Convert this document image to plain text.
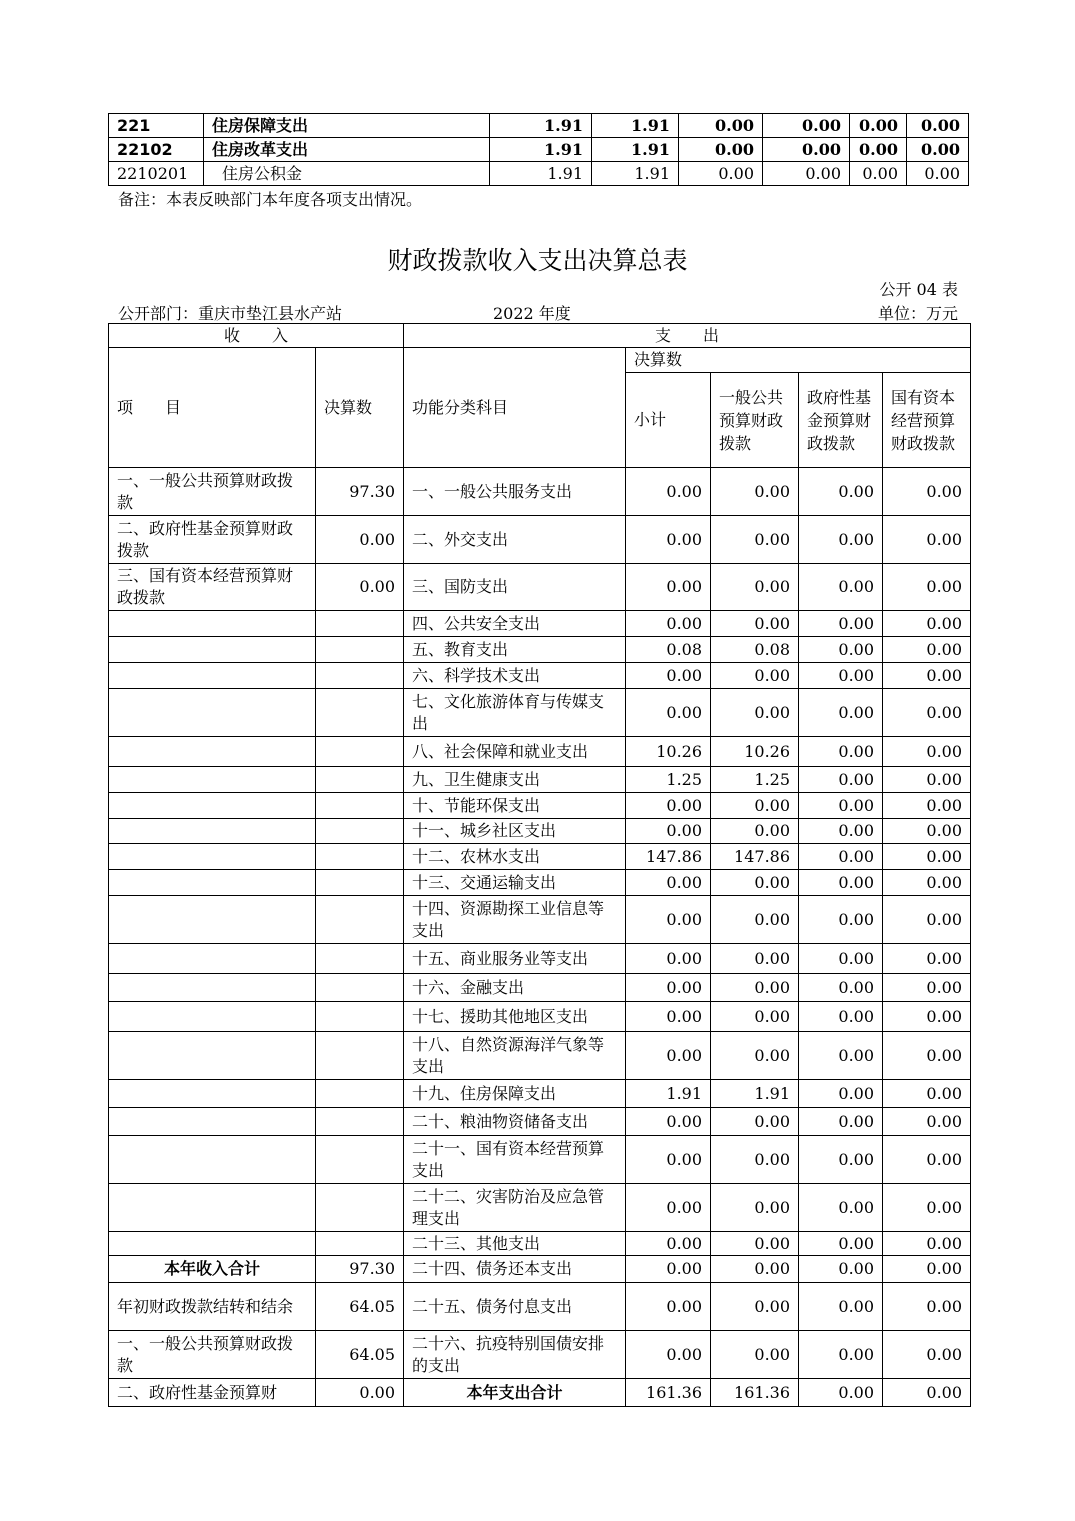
221	住房保障支出	1.91	1.91	0.00	0.00	0.00	0.00
22102	住房改革支出	1.91	1.91	0.00	0.00	0.00	0.00
2210201	住房公积金	1.91	1.91	0.00	0.00	0.00	0.00
备注：本表反映部门本年度各项支出情况。
财政拨款收入支出决算总表
公开 04 表
公开部门：重庆市垫江县水产站	2022 年度	单位：万元
收　　入		支　　出				
项　　目	决算数	功能分类科目	决算数			
			小计	一般公共预算财政拨款	政府性基金预算财政拨款	国有资本经营预算财政拨款
一、一般公共预算财政拨款	97.30	一、一般公共服务支出	0.00	0.00	0.00	0.00
二、政府性基金预算财政拨款	0.00	二、外交支出	0.00	0.00	0.00	0.00
三、国有资本经营预算财政拨款	0.00	三、国防支出	0.00	0.00	0.00	0.00
		四、公共安全支出	0.00	0.00	0.00	0.00
		五、教育支出	0.08	0.08	0.00	0.00
		六、科学技术支出	0.00	0.00	0.00	0.00
		七、文化旅游体育与传媒支出	0.00	0.00	0.00	0.00
		八、社会保障和就业支出	10.26	10.26	0.00	0.00
		九、卫生健康支出	1.25	1.25	0.00	0.00
		十、节能环保支出	0.00	0.00	0.00	0.00
		十一、城乡社区支出	0.00	0.00	0.00	0.00
		十二、农林水支出	147.86	147.86	0.00	0.00
		十三、交通运输支出	0.00	0.00	0.00	0.00
		十四、资源勘探工业信息等支出	0.00	0.00	0.00	0.00
		十五、商业服务业等支出	0.00	0.00	0.00	0.00
		十六、金融支出	0.00	0.00	0.00	0.00
		十七、援助其他地区支出	0.00	0.00	0.00	0.00
		十八、自然资源海洋气象等支出	0.00	0.00	0.00	0.00
		十九、住房保障支出	1.91	1.91	0.00	0.00
		二十、粮油物资储备支出	0.00	0.00	0.00	0.00
		二十一、国有资本经营预算支出	0.00	0.00	0.00	0.00
		二十二、灾害防治及应急管理支出	0.00	0.00	0.00	0.00
		二十三、其他支出	0.00	0.00	0.00	0.00
本年收入合计	97.30	二十四、债务还本支出	0.00	0.00	0.00	0.00
年初财政拨款结转和结余	64.05	二十五、债务付息支出	0.00	0.00	0.00	0.00
一、一般公共预算财政拨款	64.05	二十六、抗疫特别国债安排的支出	0.00	0.00	0.00	0.00
二、政府性基金预算财	0.00	本年支出合计	161.36	161.36	0.00	0.00
